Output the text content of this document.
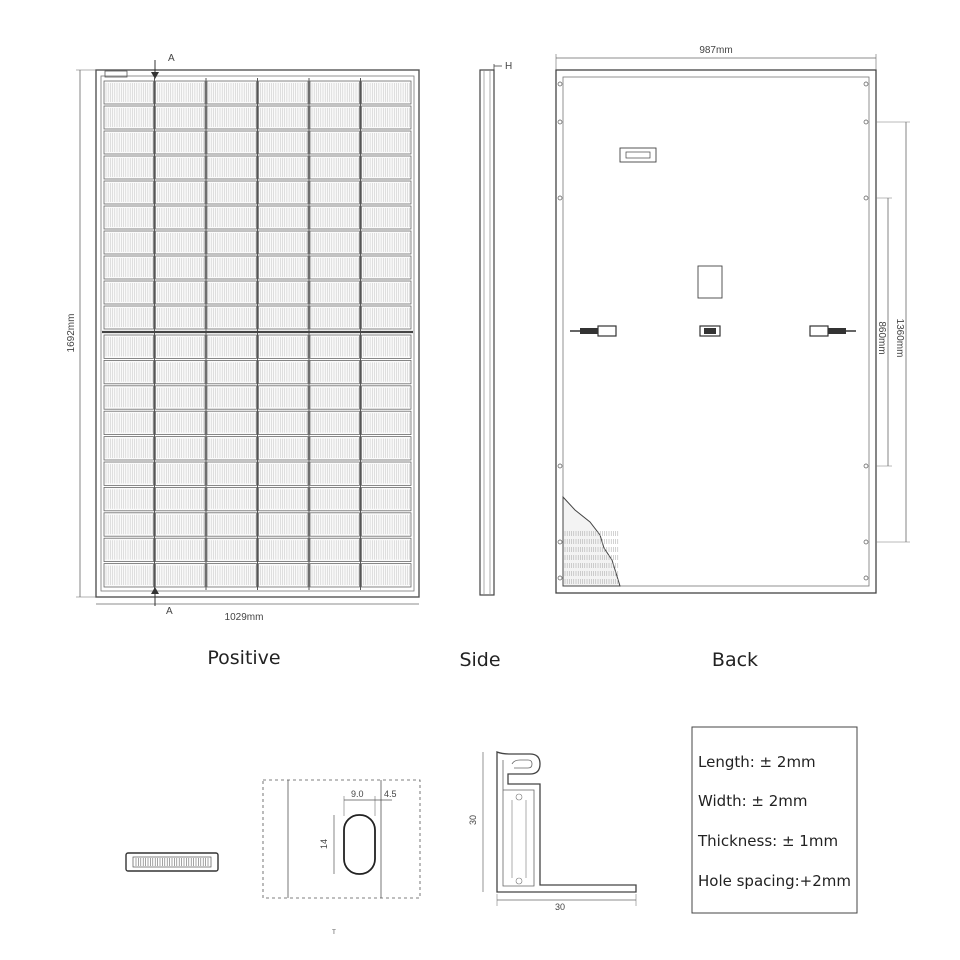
1692mm
1029mm
A
A
Positive
H
Side
987mm
1360mm
860mm
Back
9.0 4.5
14
T
30
30
Length: ± 2mm
Width: ± 2mm
Thickness: ± 1mm
Hole spacing:+2mm
